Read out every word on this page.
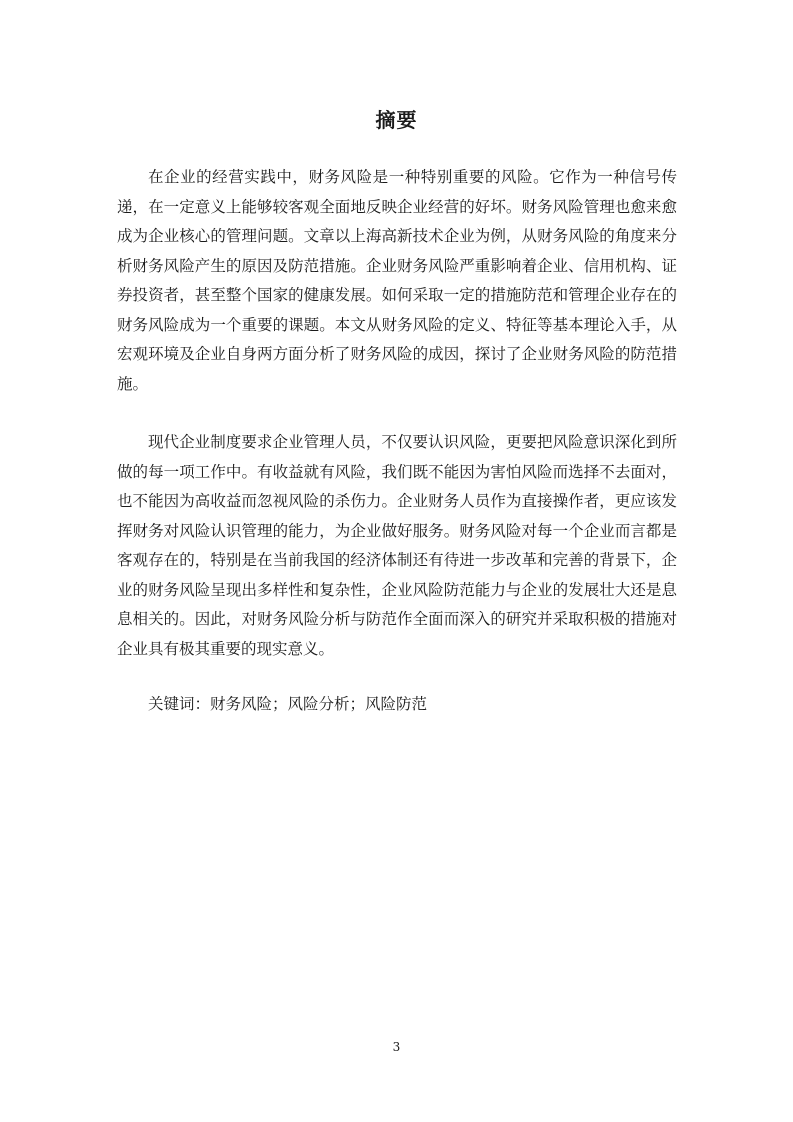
摘要

在企业的经营实践中，财务风险是一种特别重要的风险。它作为一种信号传递，在一定意义上能够较客观全面地反映企业经营的好坏。财务风险管理也愈来愈成为企业核心的管理问题。文章以上海高新技术企业为例，从财务风险的角度来分析财务风险产生的原因及防范措施。企业财务风险严重影响着企业、信用机构、证券投资者，甚至整个国家的健康发展。如何采取一定的措施防范和管理企业存在的财务风险成为一个重要的课题。本文从财务风险的定义、特征等基本理论入手，从宏观环境及企业自身两方面分析了财务风险的成因，探讨了企业财务风险的防范措施。

现代企业制度要求企业管理人员，不仅要认识风险，更要把风险意识深化到所做的每一项工作中。有收益就有风险，我们既不能因为害怕风险而选择不去面对，也不能因为高收益而忽视风险的杀伤力。企业财务人员作为直接操作者，更应该发挥财务对风险认识管理的能力，为企业做好服务。财务风险对每一个企业而言都是客观存在的，特别是在当前我国的经济体制还有待进一步改革和完善的背景下，企业的财务风险呈现出多样性和复杂性，企业风险防范能力与企业的发展壮大还是息息相关的。因此，对财务风险分析与防范作全面而深入的研究并采取积极的措施对企业具有极其重要的现实意义。

关键词：财务风险；风险分析；风险防范

3
